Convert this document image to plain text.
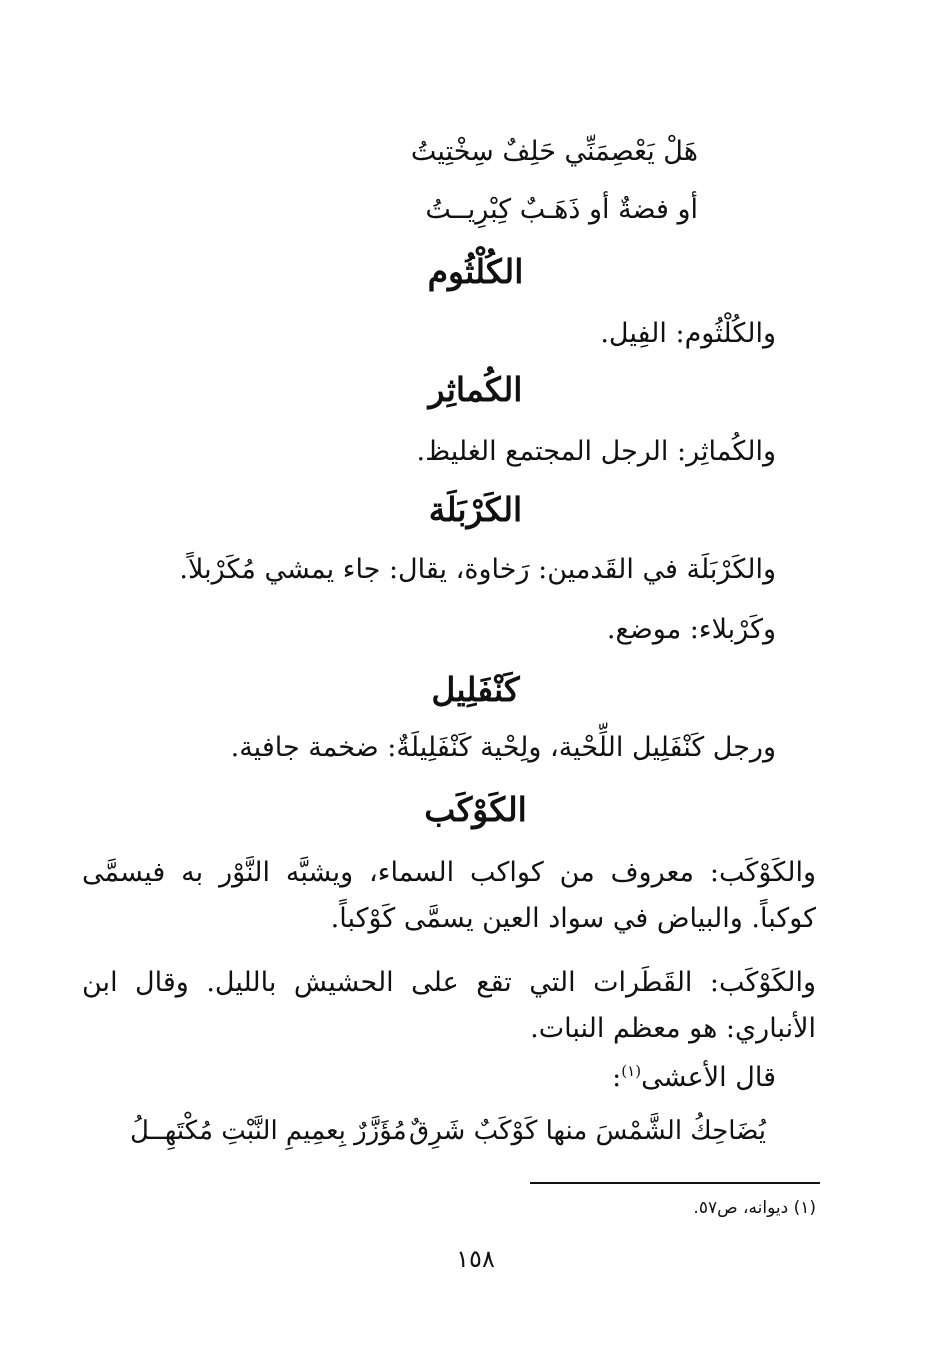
هَلْ يَعْصِمَنِّي حَلِفٌ سِخْتِيتُ
أو فضةٌ أو ذَهَـبٌ كِبْرِيــتُ
الكُلْثُوم
والكُلْثُوم: الفِيل.
الكُماثِر
والكُماثِر: الرجل المجتمع الغليظ.
الكَرْبَلَة
والكَرْبَلَة في القَدمين: رَخاوة، يقال: جاء يمشي مُكَرْبلاً.
وكَرْبلاء: موضع.
كَنْفَلِيل
ورجل كَنْفَلِيل اللِّحْية، ولِحْية كَنْفَلِيلَةٌ: ضخمة جافية.
الكَوْكَب
والكَوْكَب: معروف من كواكب السماء، ويشبَّه النَّوْر به فيسمَّى كوكباً. والبياض في سواد العين يسمَّى كَوْكباً.
والكَوْكَب: القَطَرات التي تقع على الحشيش بالليل. وقال ابن الأنباري: هو معظم النبات.
قال الأعشى$^{(١)}$:
يُضَاحِكُ الشَّمْسَ منها كَوْكَبٌ شَرِقٌ
مُؤَزَّرٌ بِعمِيمِ النَّبْتِ مُكْتَهِــلُ
(١) ديوانه، ص٥٧.
١٥٨
